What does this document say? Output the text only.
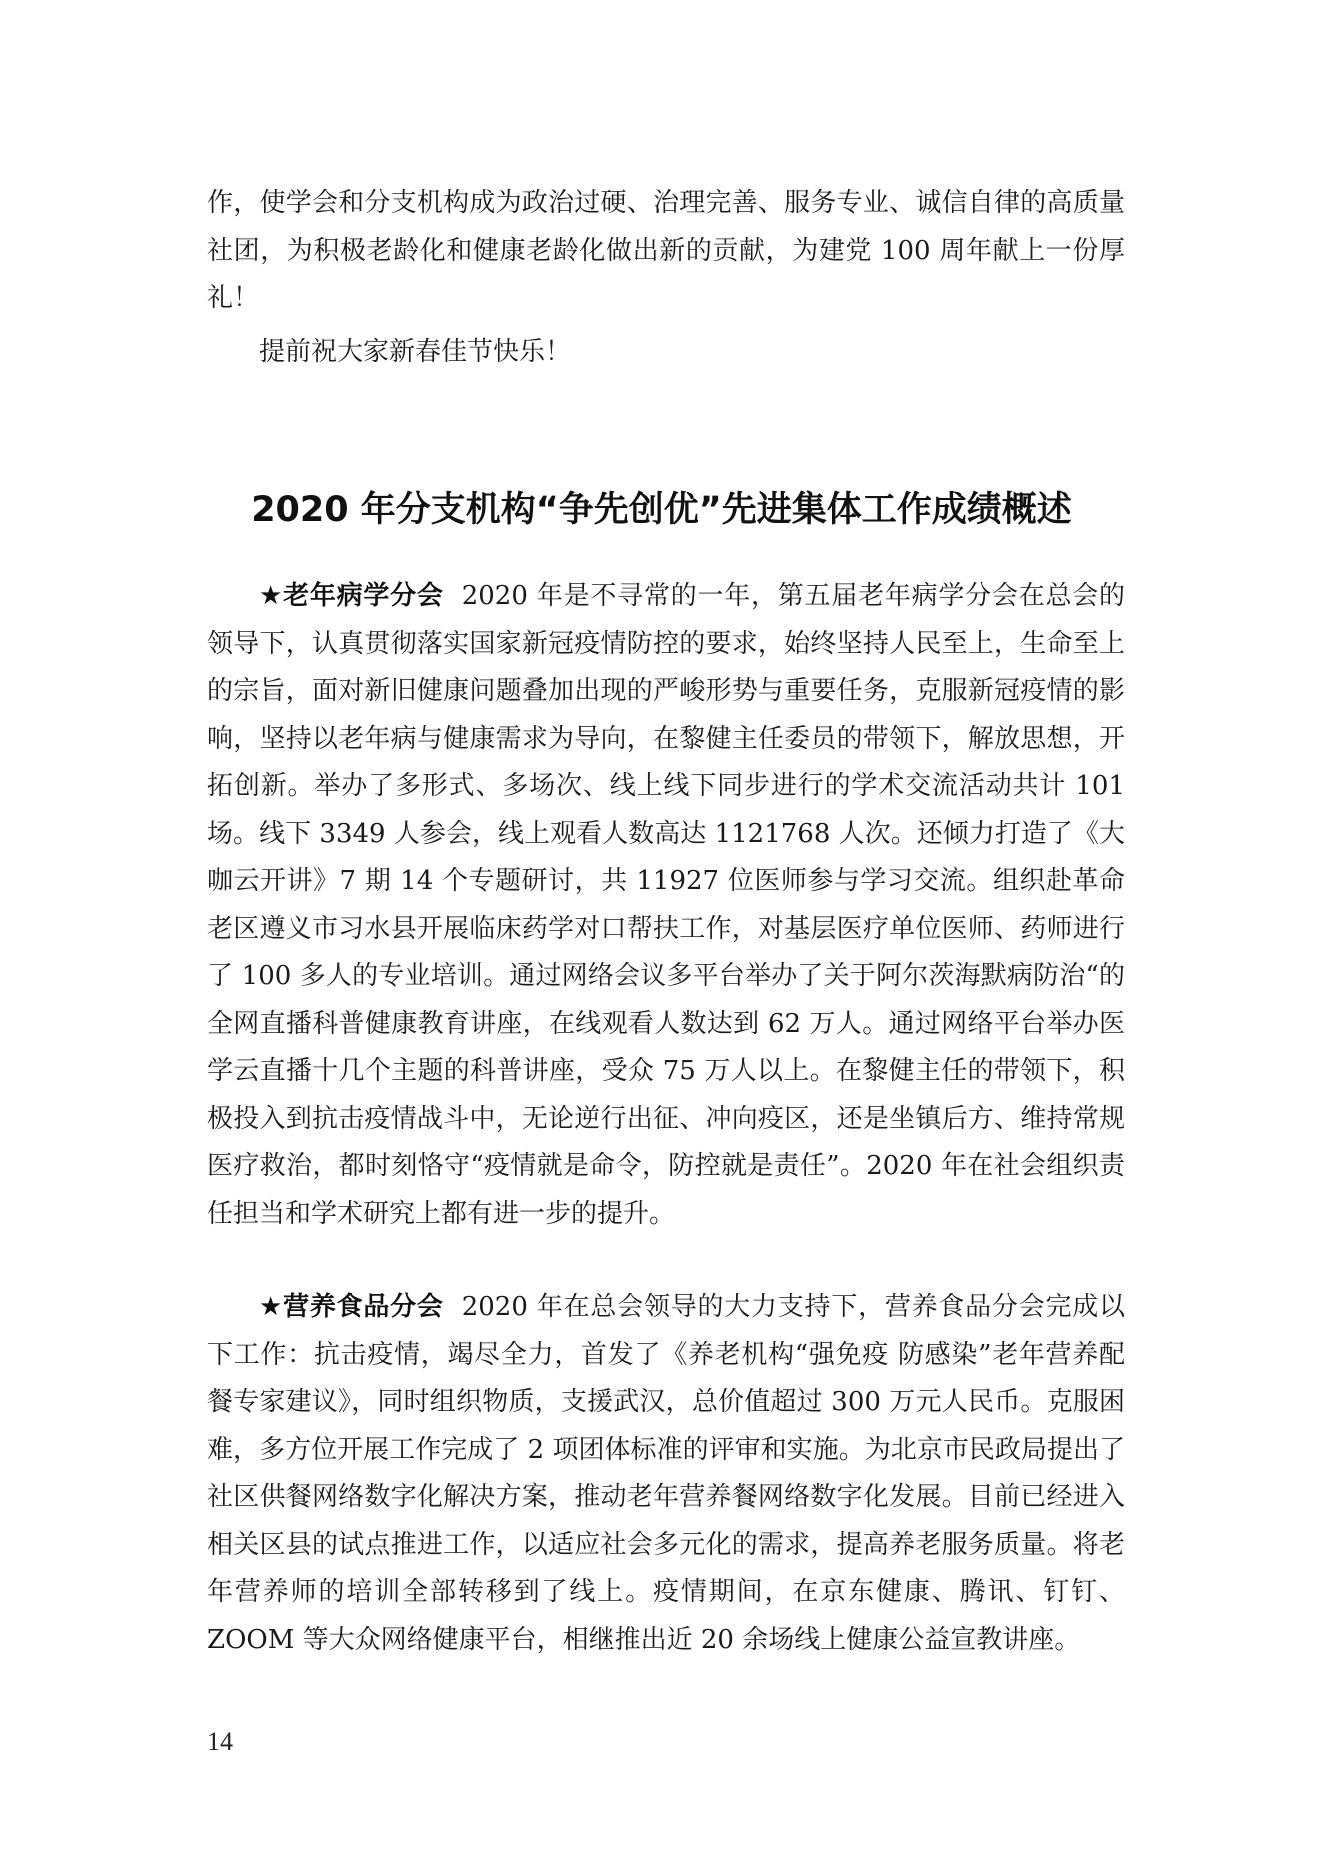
作，使学会和分支机构成为政治过硬、治理完善、服务专业、诚信自律的高质量社团，为积极老龄化和健康老龄化做出新的贡献，为建党 100 周年献上一份厚礼！

提前祝大家新春佳节快乐！

2020 年分支机构“争先创优”先进集体工作成绩概述

★老年病学分会 2020 年是不寻常的一年，第五届老年病学分会在总会的领导下，认真贯彻落实国家新冠疫情防控的要求，始终坚持人民至上，生命至上的宗旨，面对新旧健康问题叠加出现的严峻形势与重要任务，克服新冠疫情的影响，坚持以老年病与健康需求为导向，在黎健主任委员的带领下，解放思想，开拓创新。举办了多形式、多场次、线上线下同步进行的学术交流活动共计 101 场。线下 3349 人参会，线上观看人数高达 1121768 人次。还倾力打造了《大咖云开讲》7 期 14 个专题研讨，共 11927 位医师参与学习交流。组织赴革命老区遵义市习水县开展临床药学对口帮扶工作，对基层医疗单位医师、药师进行了 100 多人的专业培训。通过网络会议多平台举办了关于阿尔茨海默病防治“的全网直播科普健康教育讲座，在线观看人数达到 62 万人。通过网络平台举办医学云直播十几个主题的科普讲座，受众 75 万人以上。在黎健主任的带领下，积极投入到抗击疫情战斗中，无论逆行出征、冲向疫区，还是坐镇后方、维持常规医疗救治，都时刻恪守“疫情就是命令，防控就是责任”。2020 年在社会组织责任担当和学术研究上都有进一步的提升。

★营养食品分会 2020 年在总会领导的大力支持下，营养食品分会完成以下工作：抗击疫情，竭尽全力，首发了《养老机构“强免疫 防感染”老年营养配餐专家建议》，同时组织物质，支援武汉，总价值超过 300 万元人民币。克服困难，多方位开展工作完成了 2 项团体标准的评审和实施。为北京市民政局提出了社区供餐网络数字化解决方案，推动老年营养餐网络数字化发展。目前已经进入相关区县的试点推进工作，以适应社会多元化的需求，提高养老服务质量。将老年营养师的培训全部转移到了线上。疫情期间，在京东健康、腾讯、钉钉、ZOOM 等大众网络健康平台，相继推出近 20 余场线上健康公益宣教讲座。

14
